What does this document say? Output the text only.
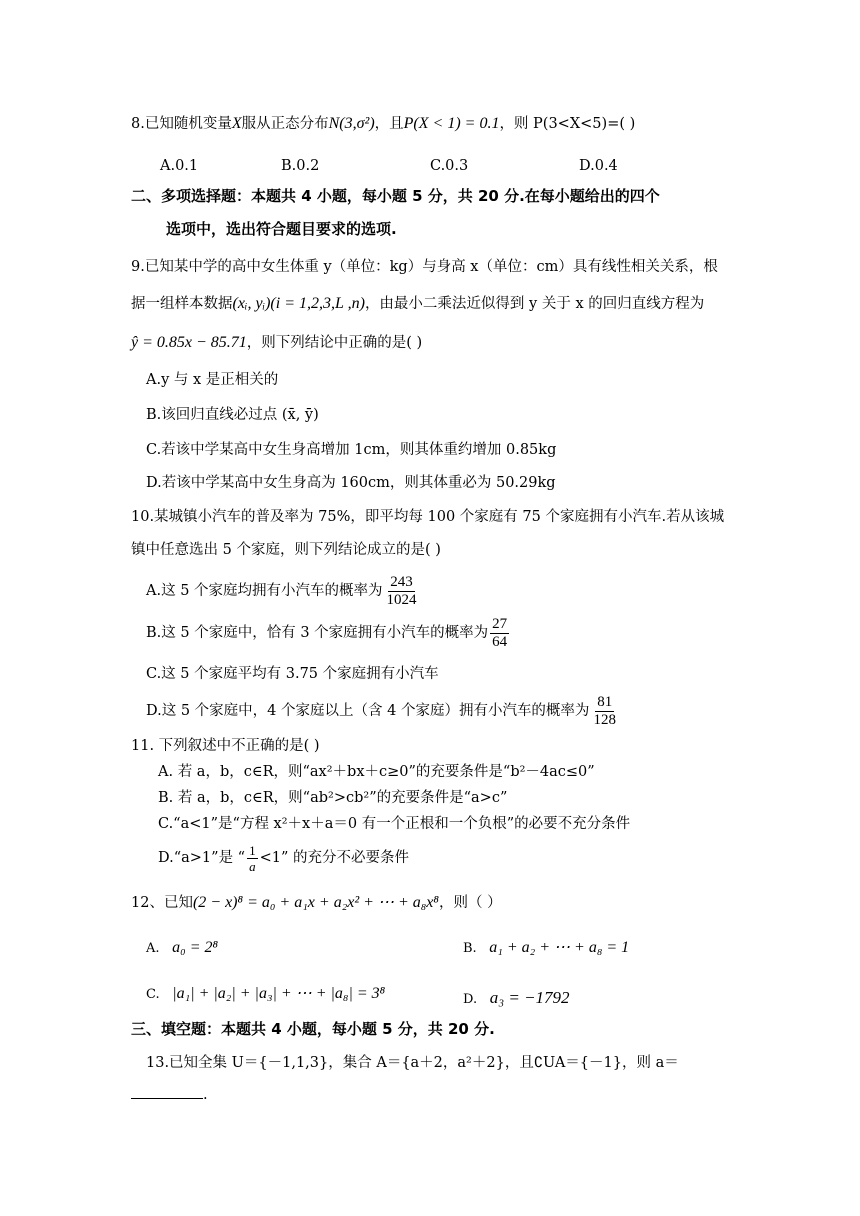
8.已知随机变量X服从正态分布N(3,σ²)，且P(X < 1) = 0.1，则 P(3<X<5)=( )
A.0.1	B.0.2	C.0.3	D.0.4
二、多项选择题：本题共 4 小题，每小题 5 分，共 20 分.在每小题给出的四个
选项中，选出符合题目要求的选项.
9.已知某中学的高中女生体重 y（单位：kg）与身高 x（单位：cm）具有线性相关关系，根
据一组样本数据(xᵢ, yᵢ)(i = 1,2,3,L ,n)，由最小二乘法近似得到 y 关于 x 的回归直线方程为
ŷ = 0.85x − 85.71，则下列结论中正确的是( )
A.y 与 x 是正相关的
B.该回归直线必过点 (x̄, ȳ)
C.若该中学某高中女生身高增加 1cm，则其体重约增加 0.85kg
D.若该中学某高中女生身高为 160cm，则其体重必为 50.29kg
10.某城镇小汽车的普及率为 75%，即平均每 100 个家庭有 75 个家庭拥有小汽车.若从该城
镇中任意选出 5 个家庭，则下列结论成立的是( )
A.这 5 个家庭均拥有小汽车的概率为 $\frac{243}{1024}$
B.这 5 个家庭中，恰有 3 个家庭拥有小汽车的概率为 $\frac{27}{64}$
C.这 5 个家庭平均有 3.75 个家庭拥有小汽车
D.这 5 个家庭中，4 个家庭以上（含 4 个家庭）拥有小汽车的概率为 $\frac{81}{128}$
11. 下列叙述中不正确的是( )
A. 若 a，b，c∈R，则“ax²＋bx＋c≥0”的充要条件是“b²－4ac≤0”
B. 若 a，b，c∈R，则“ab²>cb²”的充要条件是“a>c”
C.“a<1”是“方程 x²＋x＋a＝0 有一个正根和一个负根”的必要不充分条件
D.“a>1”是 “ $\frac{1}{a} <1$” 的充分不必要条件
12、已知(2 − x)⁸ = a₀ + a₁x + a₂x² + ⋯ + a₈x⁸，则（ ）
A. a₀ = 2⁸	B. a₁ + a₂ + ⋯ + a₈ = 1
C. |a₁| + |a₂| + |a₃| + ⋯ + |a₈| = 3⁸	D. a₃ = −1792
三、填空题：本题共 4 小题，每小题 5 分，共 20 分.
13.已知全集 U＝{－1,1,3}，集合 A＝{a＋2，a²＋2}，且∁UA＝{－1}，则 a＝
.
